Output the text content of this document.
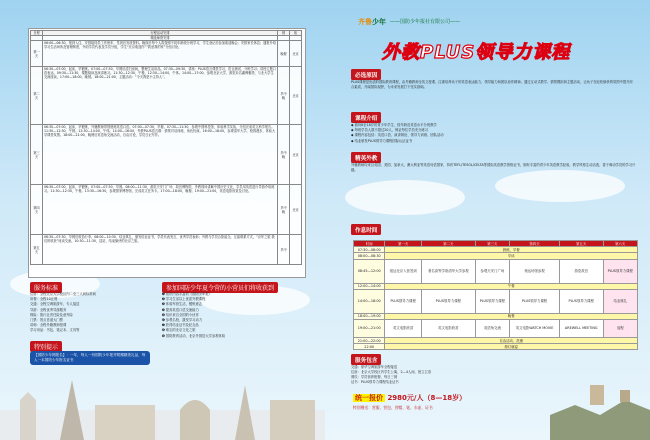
日程	行程活动安排	餐	宿
	精选师资安排		
第一天	06:00—06:30，报到入住，安排接待员工作班车，签到后发放资料。晚饭后每个人将按照不同年龄段分班学习，学生登记后参加欢迎晚会；安排家长休息；通报介绍学习生活场所及管理制度，介绍学员代表及学员分组，学生“北京欢迎你”“我爱我的家”分组讨论。	晚餐	北京
第二天	06:30—07:00，起床，早锻炼。07:00—07:30，早餐后清扫房间，整理生活用品。07:30—09:30，讲座：PLUS语言课堂学习，语言测试，分班学习；讲授主题口语表达。09:30—11:30，课题阅读及演讲练习。11:30—12:30，午餐。12:30—14:00，午休。14:00—17:00，参观北京大学，游览未名湖博雅塔，与北大学生交流座谈。17:00—18:00，晚餐。18:00—21:00，主题活动：“今天我是小主持人”。	早中晚	北京
第三天	06:30—07:00，起床，早锻炼，外籍教师带领晨练英语口语。07:00—07:30，早餐。07:30—11:30，参观中国科技馆，体验科学实验，分组完成英文科学报告。11:30—12:30，午餐。12:30—14:00，午休。14:00—16:00，外教PLUS语言课：情景对话训练，角色扮演。16:00—18:00，参观清华大学，校园漫步，体验大学课堂氛围。18:00—21:00，晚餐后英语角交流活动，自由讨论，学员日记写作。	早中晚	北京
第四天	06:30—07:00，起床，早锻炼。07:00—07:30，早餐。08:00—11:30，游览天安门广场、故宫博物院，外教现场讲解中国历史文化，学员用英语进行导游介绍练习。11:30—12:30，午餐。13:30—16:30，参观国家博物馆，完成英文任务卡。17:00—18:00，晚餐。19:00—21:00，英语电影欣赏及讨论。	早中晚	北京
第五天	06:30—07:30，早餐后收拾行李。08:00—10:30，结业典礼，颁发结业证书，学员代表发言，优秀学员表彰；外教与学员合影留念，互留联系方式，“京华之旅 我们的收获”座谈交流。10:30—11:30，送站，结束愉快的北京之旅。	早中	
服务标准
住宿：全程北京大学校区内二至三人间标准间
用餐：全程10正餐
交通：全程空调旅游车，专人接送
导游：全程优秀导游服务
保险：旅行社责任险及意外险
门票：景点首道大门票
讲师：全程外籍教师授课
学习用品：书包、笔记本、文具等
参加国防少年夏令营的小营员们将收获到
➊ 知识内容丰富的《国防少年报》
➋ 学习生活以上优质外教课程
➌ 体验军营生活，锻炼意志
➍ 提高英语口语交流能力
➎ 结识来自全国的小伙伴
➏ 参观名校，激发学习动力
➐ 获得结业证书及纪念品
➑ 难忘的北京文化之旅
➒ 国防教育活动，北京外国语大学参观体验
特别提示
【国防少年网报名】：一年，每人一份国防少年报并附赠精美礼品，每人一本国防少年报名证书
齐鲁少年 ——国防少年报社有限公司——
外教PLUS领导力课程
必选原因
PLUS课程是优质的国际教育课程，由外籍教师全英文授课，注重培养孩子的英语表达能力、领导能力和团队协作精神。通过互动式教学、情景模拟和主题活动，让孩子在轻松愉快的氛围中提升综合素质，开阔国际视野，为未来发展打下坚实基础。
课程介绍
◆ 面向8至18岁的青少年学生，按年龄及英语水平分班教学
◆ 每班学员人数不超过20人，保证每位学员充分练习
◆ 课程内容包括：英语口语、演讲辩论、领导力训练、团队活动
◆ 结业颁发PLUS领导力课程国际认证证书
精英外教
外籍教师均来自英国、美国、加拿大、澳大利亚等英语母语国家，持有TEFL/TESOL/CELTA等国际英语教学资格证书，拥有丰富的青少年英语教学经验，教学风格生动活泼，善于调动学员的学习兴趣。
作息时间
时间	第一天	第二天	第三天	第四天	第五天	第六天
07:30—08:00	晨练、早餐					
08:00—08:30	早读					
08:45—12:00	抵达北京入营签到	著名高等学府清华大学参观	参观天安门广场	奥运场馆参观	游览故宫	PLUS领导力课程
12:00—14:00	午餐					
14:00—18:00	PLUS领导力课程	PLUS领导力课程	PLUS领导力课程	PLUS领导力课程	PLUS领导力课程	结业典礼
18:00—19:00	晚餐					
19:00—21:00	英文电影欣赏	英文电影欣赏	英语角交流	英文电影WATCH MOVIE	AREWELL MEETING	返程
21:00—22:00	自由活动、洗漱					
22:00	熄灯就寝					
服务包含
交通：豪华空调旅游车全程接送
住宿：北京大学校区内学生公寓，2—4人间，独立卫浴
餐饮：学员营养配餐，每日三餐
证书：PLUS领导力课程结业证书
统一报价 2980元/人（8—18岁）
特别赠送：营服、营包、营帽、笔、水壶、证书
